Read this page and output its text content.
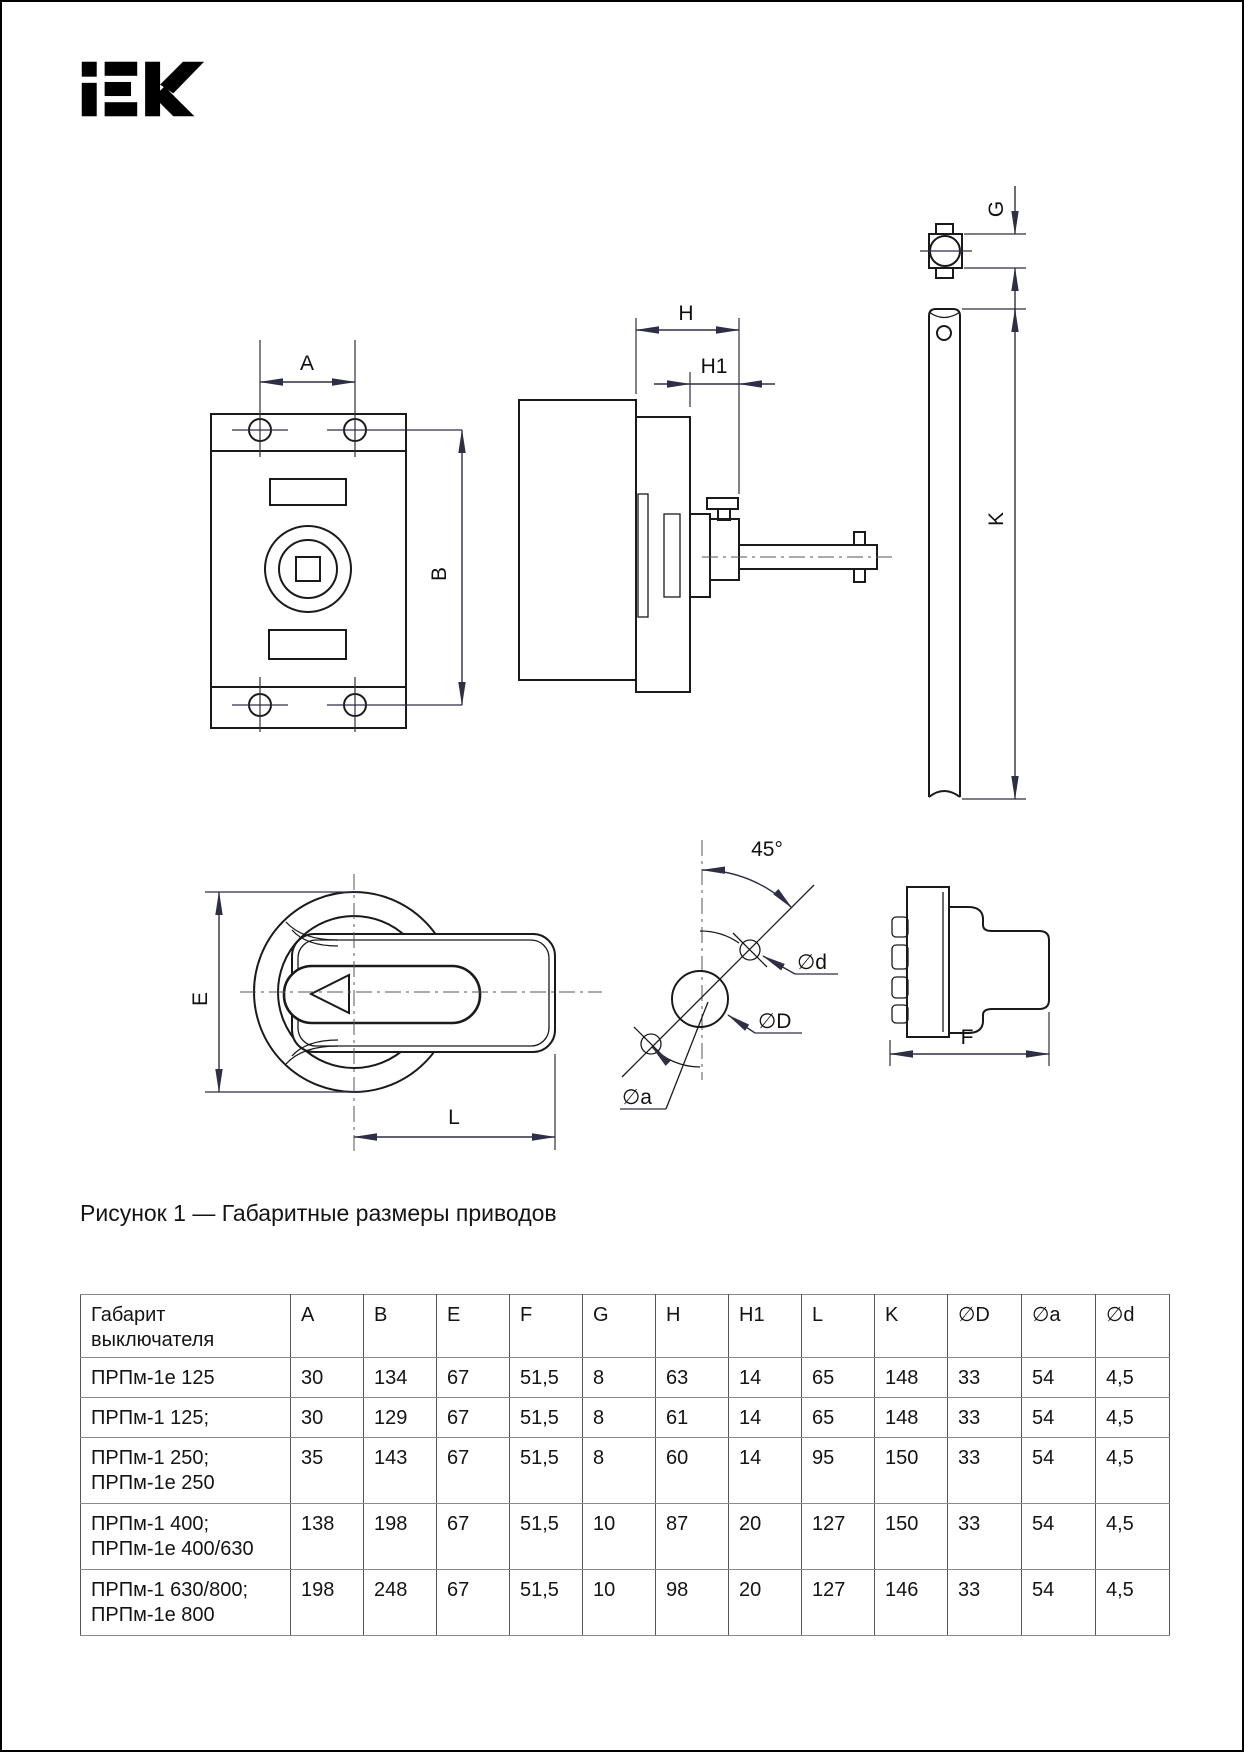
A
B
H
H1
G
K
E
L
45°
∅d
∅D
∅a
F
Рисунок 1 — Габаритные размеры приводов
Габарит выключателя	A	B	E	F	G	H	H1	L	K	∅D	∅a	∅d

ПРПм-1е 125	30	134	67	51,5	8	63	14	65	148	33	54	4,5

ПРПм-1 125;	30	129	67	51,5	8	61	14	65	148	33	54	4,5

ПРПм-1 250;
ПРПм-1е 250	35	143	67	51,5	8	60	14	95	150	33	54	4,5

ПРПм-1 400;
ПРПм-1е 400/630	138	198	67	51,5	10	87	20	127	150	33	54	4,5

ПРПм-1 630/800;
ПРПм-1е 800	198	248	67	51,5	10	98	20	127	146	33	54	4,5
